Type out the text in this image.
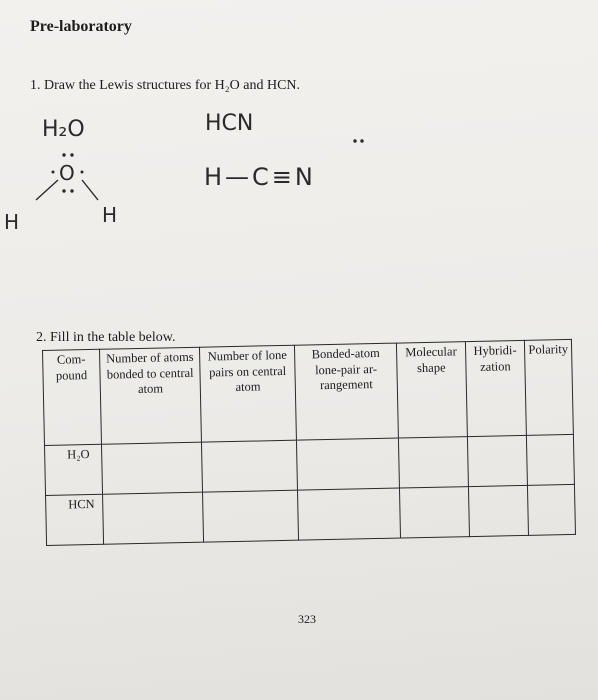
Pre-laboratory
1. Draw the Lewis structures for H₂O and HCN.
H₂O	HCN
O
H	H
H—C≡N
2. Fill in the table below.
Com-pound	Number of atoms bonded to central atom	Number of lone pairs on central atom	Bonded-atom lone-pair ar-rangement	Molecular shape	Hybridi-zation	Polarity
H₂O						
HCN						
323
